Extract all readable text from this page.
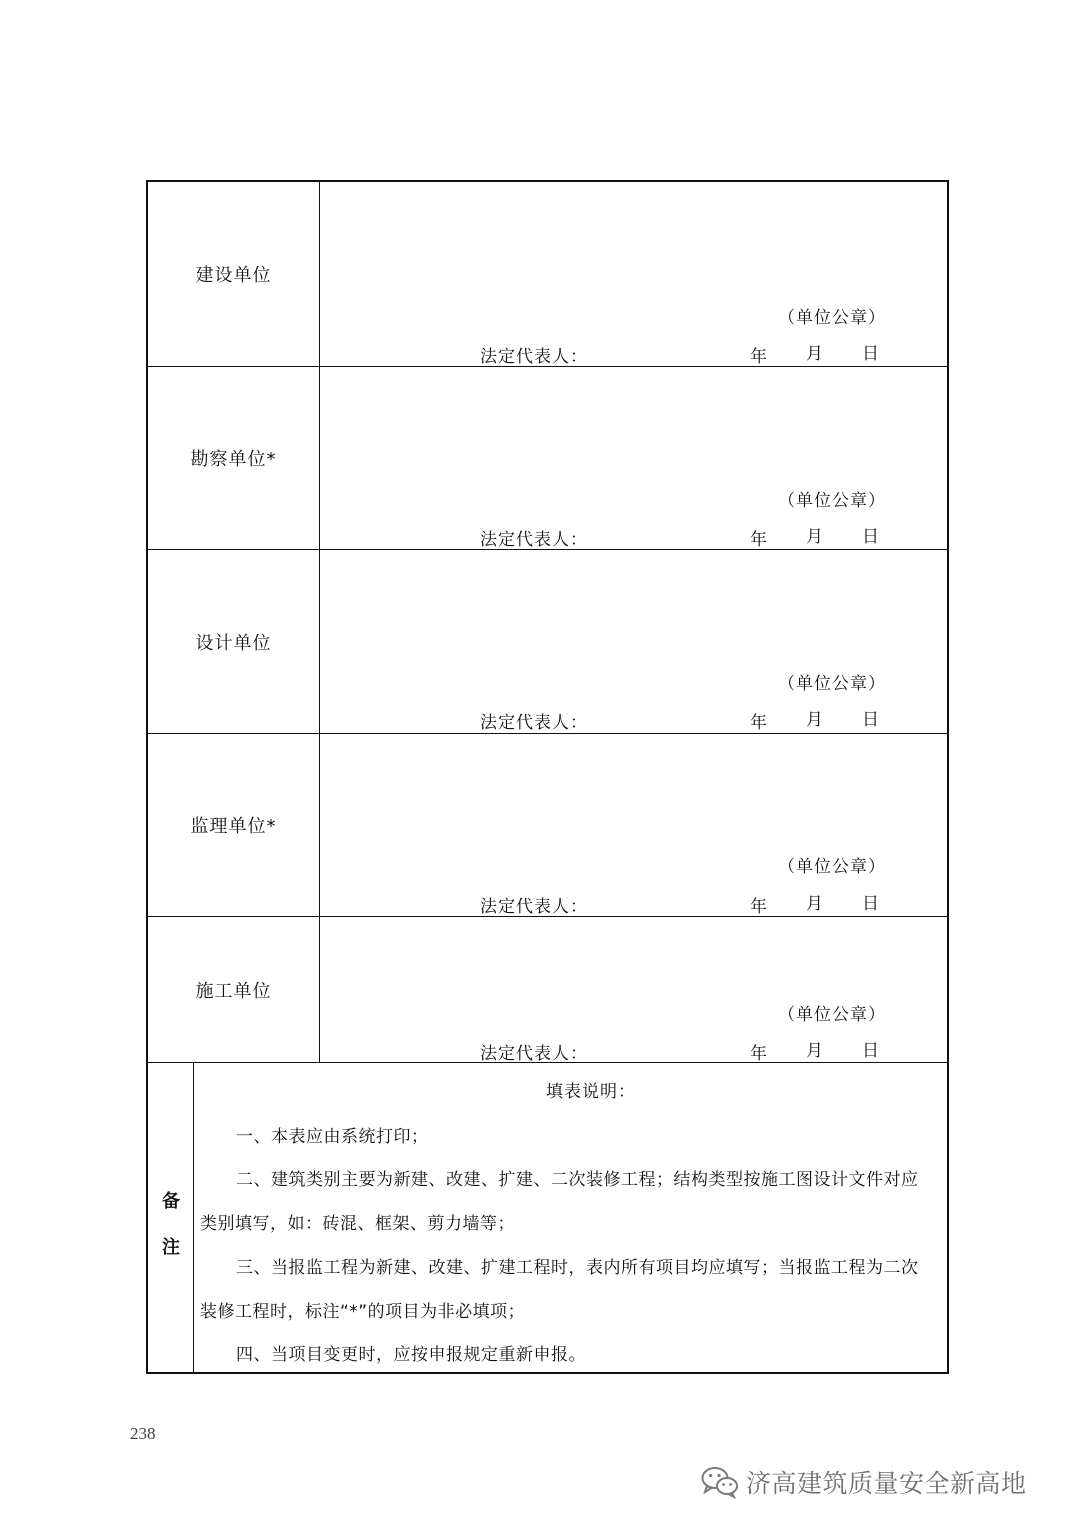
建设单位
（单位公章）
法定代表人：	年 月 日
勘察单位*
（单位公章）
法定代表人：	年 月 日
设计单位
（单位公章）
法定代表人：	年 月 日
监理单位*
（单位公章）
法定代表人：	年 月 日
施工单位
（单位公章）
法定代表人：	年 月 日
备
注
填表说明：
一、本表应由系统打印；
二、建筑类别主要为新建、改建、扩建、二次装修工程；结构类型按施工图设计文件对应
类别填写，如：砖混、框架、剪力墙等；
三、当报监工程为新建、改建、扩建工程时，表内所有项目均应填写；当报监工程为二次
装修工程时，标注“*”的项目为非必填项；
四、当项目变更时，应按申报规定重新申报。
238
济高建筑质量安全新高地
